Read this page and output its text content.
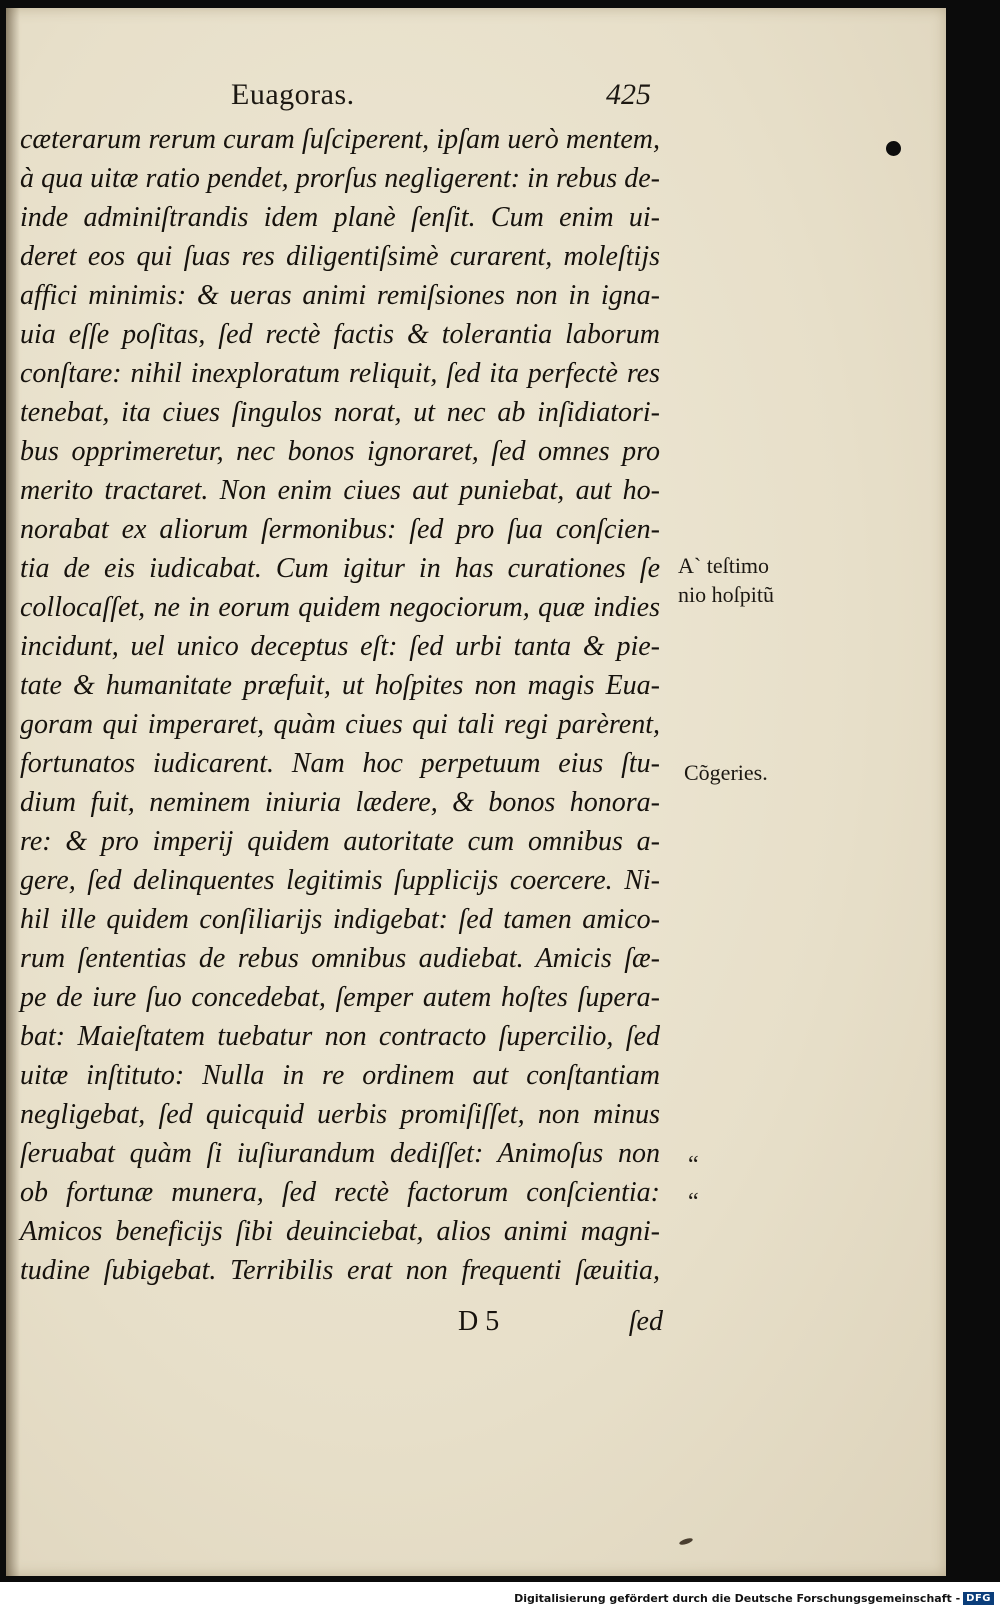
Euagoras.	425
cæterarum rerum curam ſuſciperent, ipſam uerò mentem,
à qua uitæ ratio pendet, prorſus negligerent: in rebus de-
inde adminiſtrandis idem planè ſenſit. Cum enim ui-
deret eos qui ſuas res diligentiſsimè curarent, moleſtijs
affici minimis: & ueras animi remiſsiones non in igna-
uia eſſe poſitas, ſed rectè factis & tolerantia laborum
conſtare: nihil inexploratum reliquit, ſed ita perfectè res
tenebat, ita ciues ſingulos norat, ut nec ab inſidiatori-
bus opprimeretur, nec bonos ignoraret, ſed omnes pro
merito tractaret. Non enim ciues aut puniebat, aut ho-
norabat ex aliorum ſermonibus: ſed pro ſua conſcien-
tia de eis iudicabat. Cum igitur in has curationes ſe
collocaſſet, ne in eorum quidem negociorum, quæ indies
incidunt, uel unico deceptus eſt: ſed urbi tanta & pie-
tate & humanitate præfuit, ut hoſpites non magis Eua-
goram qui imperaret, quàm ciues qui tali regi parèrent,
fortunatos iudicarent. Nam hoc perpetuum eius ſtu-
dium fuit, neminem iniuria lædere, & bonos honora-
re: & pro imperij quidem autoritate cum omnibus a-
gere, ſed delinquentes legitimis ſupplicijs coercere. Ni-
hil ille quidem conſiliarijs indigebat: ſed tamen amico-
rum ſententias de rebus omnibus audiebat. Amicis ſæ-
pe de iure ſuo concedebat, ſemper autem hoſtes ſupera-
bat: Maieſtatem tuebatur non contracto ſupercilio, ſed
uitæ inſtituto: Nulla in re ordinem aut conſtantiam
negligebat, ſed quicquid uerbis promiſiſſet, non minus
ſeruabat quàm ſi iuſiurandum dediſſet: Animoſus non
ob fortunæ munera, ſed rectè factorum conſcientia:
Amicos beneficijs ſibi deuinciebat, alios animi magni-
tudine ſubigebat. Terribilis erat non frequenti ſæuitia,
A` teſtimo
nio hoſpitũ
Cõgeries.
“
“
D 5	ſed
Digitalisierung gefördert durch die Deutsche Forschungsgemeinschaft - DFG
